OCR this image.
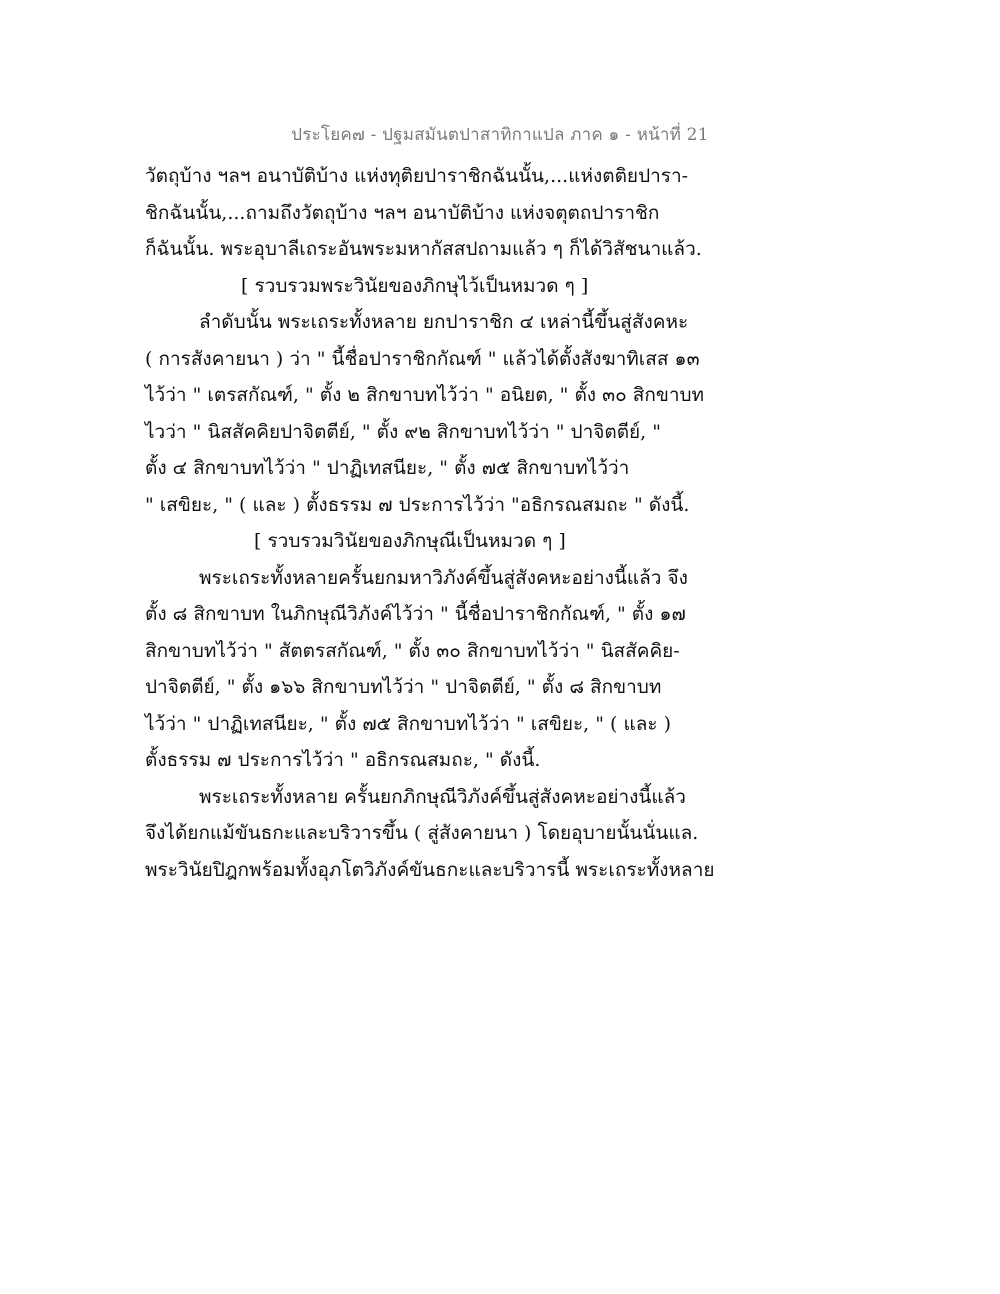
ประโยค๗ - ปฐมสมันตปาสาทิกาแปล ภาค ๑ - หน้าที่ 21
วัตถุบ้าง ฯลฯ อนาบัติบ้าง แห่งทุติยปาราชิกฉันนั้น,...แห่งตติยปารา-
ชิกฉันนั้น,...ถามถึงวัตถุบ้าง ฯลฯ อนาบัติบ้าง แห่งจตุตถปาราชิก
ก็ฉันนั้น. พระอุบาลีเถระอันพระมหากัสสปถามแล้ว ๆ ก็ได้วิสัชนาแล้ว.
[ รวบรวมพระวินัยของภิกษุไว้เป็นหมวด ๆ ]
ลำดับนั้น พระเถระทั้งหลาย ยกปาราชิก ๔ เหล่านี้ขึ้นสู่สังคหะ
( การสังคายนา ) ว่า " นี้ชื่อปาราชิกกัณฑ์ " แล้วได้ตั้งสังฆาทิเสส ๑๓
ไว้ว่า " เตรสกัณฑ์, " ตั้ง ๒ สิกขาบทไว้ว่า " อนิยต, " ตั้ง ๓๐ สิกขาบท
ไวว่า " นิสสัคคิยปาจิตตีย์, " ตั้ง ๙๒ สิกขาบทไว้ว่า " ปาจิตตีย์, "
ตั้ง ๔ สิกขาบทไว้ว่า " ปาฏิเทสนียะ, " ตั้ง ๗๕ สิกขาบทไว้ว่า
" เสขิยะ, " ( และ ) ตั้งธรรม ๗ ประการไว้ว่า "อธิกรณสมถะ " ดังนี้.
[ รวบรวมวินัยของภิกษุณีเป็นหมวด ๆ ]
พระเถระทั้งหลายครั้นยกมหาวิภังค์ขึ้นสู่สังคหะอย่างนี้แล้ว จึง
ตั้ง ๘ สิกขาบท ในภิกษุณีวิภังค์ไว้ว่า " นี้ชื่อปาราชิกกัณฑ์, " ตั้ง ๑๗
สิกขาบทไว้ว่า " สัตตรสกัณฑ์, " ตั้ง ๓๐ สิกขาบทไว้ว่า " นิสสัคคิย-
ปาจิตตีย์, " ตั้ง ๑๖๖ สิกขาบทไว้ว่า " ปาจิตตีย์, " ตั้ง ๘ สิกขาบท
ไว้ว่า " ปาฏิเทสนียะ, " ตั้ง ๗๕ สิกขาบทไว้ว่า " เสขิยะ, " ( และ )
ตั้งธรรม ๗ ประการไว้ว่า " อธิกรณสมถะ, " ดังนี้.
พระเถระทั้งหลาย ครั้นยกภิกษุณีวิภังค์ขึ้นสู่สังคหะอย่างนี้แล้ว
จึงได้ยกแม้ขันธกะและบริวารขึ้น ( สู่สังคายนา ) โดยอุบายนั้นนั่นแล.
พระวินัยปิฎกพร้อมทั้งอุภโตวิภังค์ขันธกะและบริวารนี้ พระเถระทั้งหลาย
